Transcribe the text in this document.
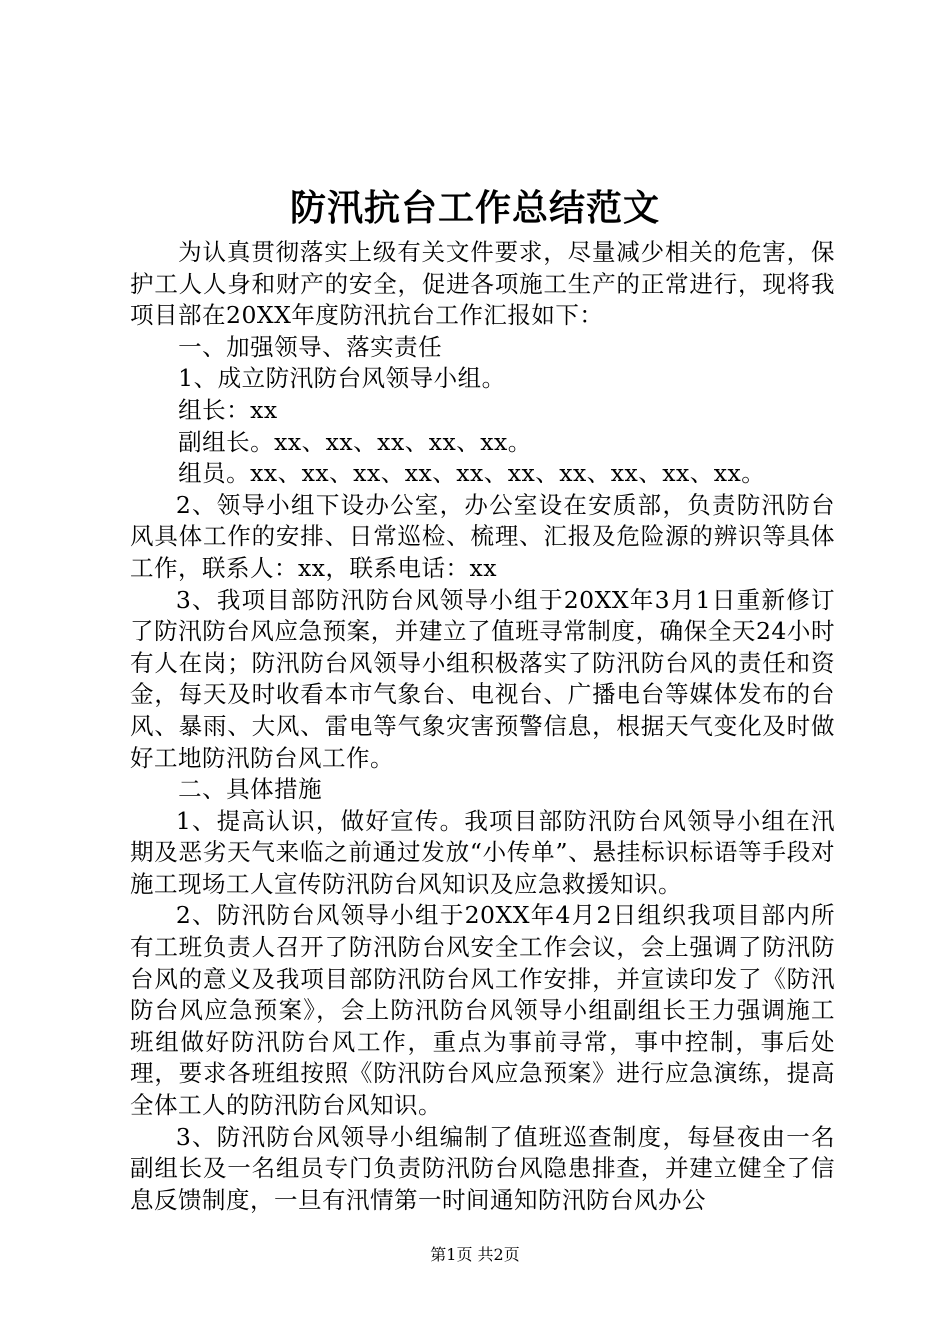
防汛抗台工作总结范文

为认真贯彻落实上级有关文件要求，尽量减少相关的危害，保护工人人身和财产的安全，促进各项施工生产的正常进行，现将我项目部在20XX年度防汛抗台工作汇报如下：

一、加强领导、落实责任

1、成立防汛防台风领导小组。

组长：xx

副组长。xx、xx、xx、xx、xx。

组员。xx、xx、xx、xx、xx、xx、xx、xx、xx、xx。

2、领导小组下设办公室，办公室设在安质部，负责防汛防台风具体工作的安排、日常巡检、梳理、汇报及危险源的辨识等具体工作，联系人：xx，联系电话：xx

3、我项目部防汛防台风领导小组于20XX年3月1日重新修订了防汛防台风应急预案，并建立了值班寻常制度，确保全天24小时有人在岗；防汛防台风领导小组积极落实了防汛防台风的责任和资金，每天及时收看本市气象台、电视台、广播电台等媒体发布的台风、暴雨、大风、雷电等气象灾害预警信息，根据天气变化及时做好工地防汛防台风工作。

二、具体措施

1、提高认识，做好宣传。我项目部防汛防台风领导小组在汛期及恶劣天气来临之前通过发放“小传单”、悬挂标识标语等手段对施工现场工人宣传防汛防台风知识及应急救援知识。

2、防汛防台风领导小组于20XX年4月2日组织我项目部内所有工班负责人召开了防汛防台风安全工作会议，会上强调了防汛防台风的意义及我项目部防汛防台风工作安排，并宣读印发了《防汛防台风应急预案》，会上防汛防台风领导小组副组长王力强调施工班组做好防汛防台风工作，重点为事前寻常，事中控制，事后处理，要求各班组按照《防汛防台风应急预案》进行应急演练，提高全体工人的防汛防台风知识。

3、防汛防台风领导小组编制了值班巡查制度，每昼夜由一名副组长及一名组员专门负责防汛防台风隐患排查，并建立健全了信息反馈制度，一旦有汛情第一时间通知防汛防台风办公

第1页 共2页
